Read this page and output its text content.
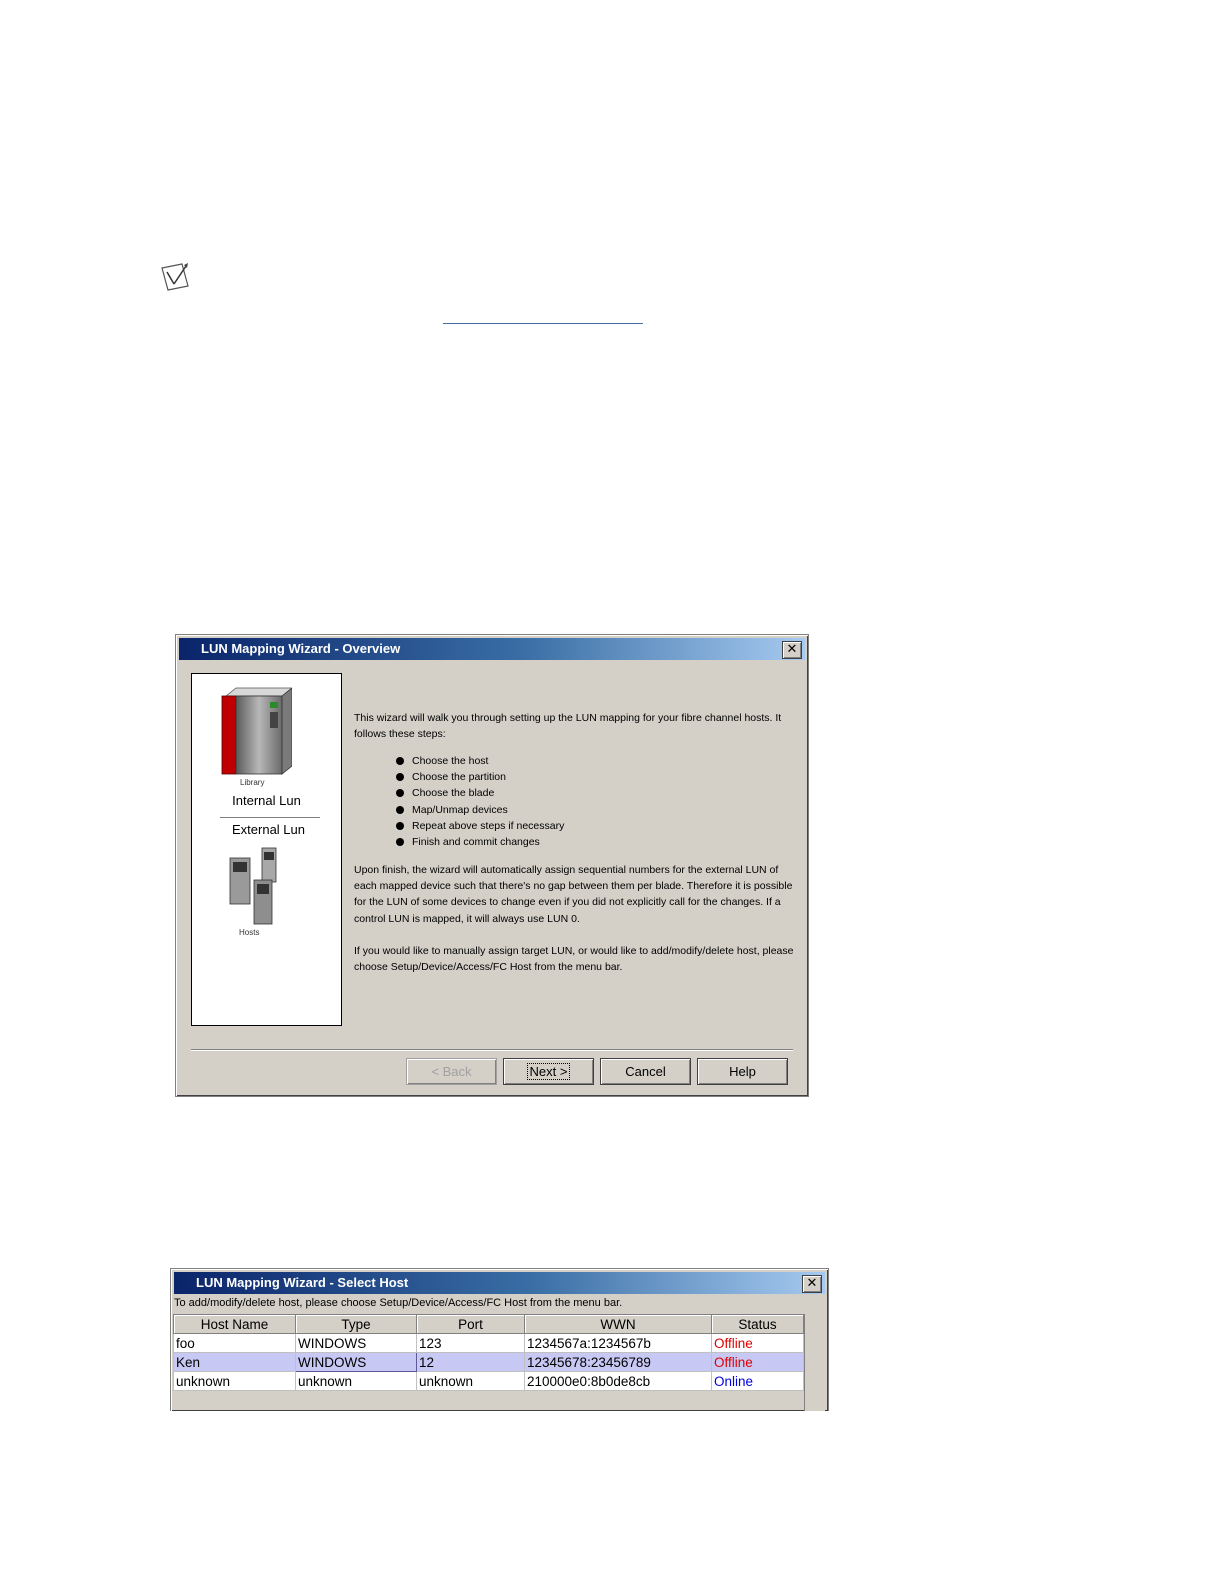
LUN Mapping Wizard - Overview	✕
Library
Internal Lun
External Lun
Hosts

This wizard will walk you through setting up the LUN mapping for your fibre channel hosts. It follows these steps:

Choose the host
Choose the partition
Choose the blade
Map/Unmap devices
Repeat above steps if necessary
Finish and commit changes

Upon finish, the wizard will automatically assign sequential numbers for the external LUN of each mapped device such that there's no gap between them per blade. Therefore it is possible for the LUN of some devices to change even if you did not explicitly call for the changes. If a control LUN is mapped, it will always use LUN 0.

If you would like to manually assign target LUN, or would like to add/modify/delete host, please choose Setup/Device/Access/FC Host from the menu bar.

< Back	Next >	Cancel	Help
LUN Mapping Wizard - Select Host	✕
To add/modify/delete host, please choose Setup/Device/Access/FC Host from the menu bar.
Host Name	Type	Port	WWN	Status
foo	WINDOWS	123	1234567a:1234567b	Offline
Ken	WINDOWS	12	12345678:23456789	Offline
unknown	unknown	unknown	210000e0:8b0de8cb	Online
